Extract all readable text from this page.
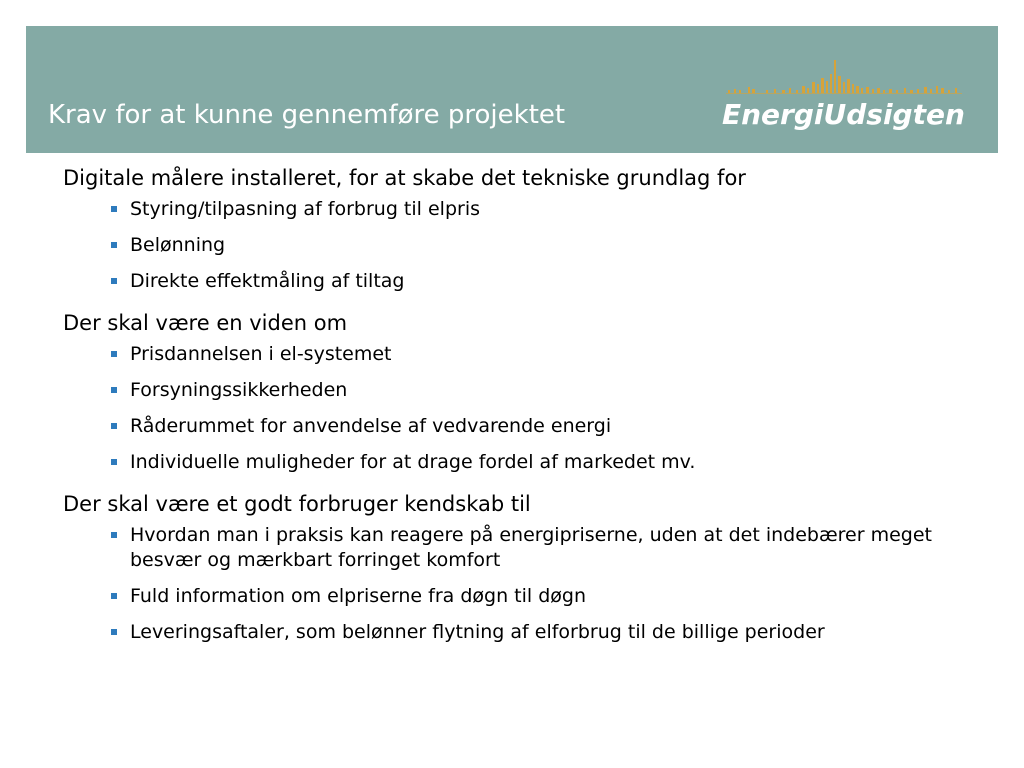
Krav for at kunne gennemføre projektet	EnergiUdsigten
Digitale målere installeret, for at skabe det tekniske grundlag for
Styring/tilpasning af forbrug til elpris
Belønning
Direkte effektmåling af tiltag
Der skal være en viden om
Prisdannelsen i el-systemet
Forsyningssikkerheden
Råderummet for anvendelse af vedvarende energi
Individuelle muligheder for at drage fordel af markedet mv.
Der skal være et godt forbruger kendskab til
Hvordan man i praksis kan reagere på energipriserne, uden at det indebærer meget besvær og mærkbart forringet komfort
Fuld information om elpriserne fra døgn til døgn
Leveringsaftaler, som belønner flytning af elforbrug til de billige perioder
